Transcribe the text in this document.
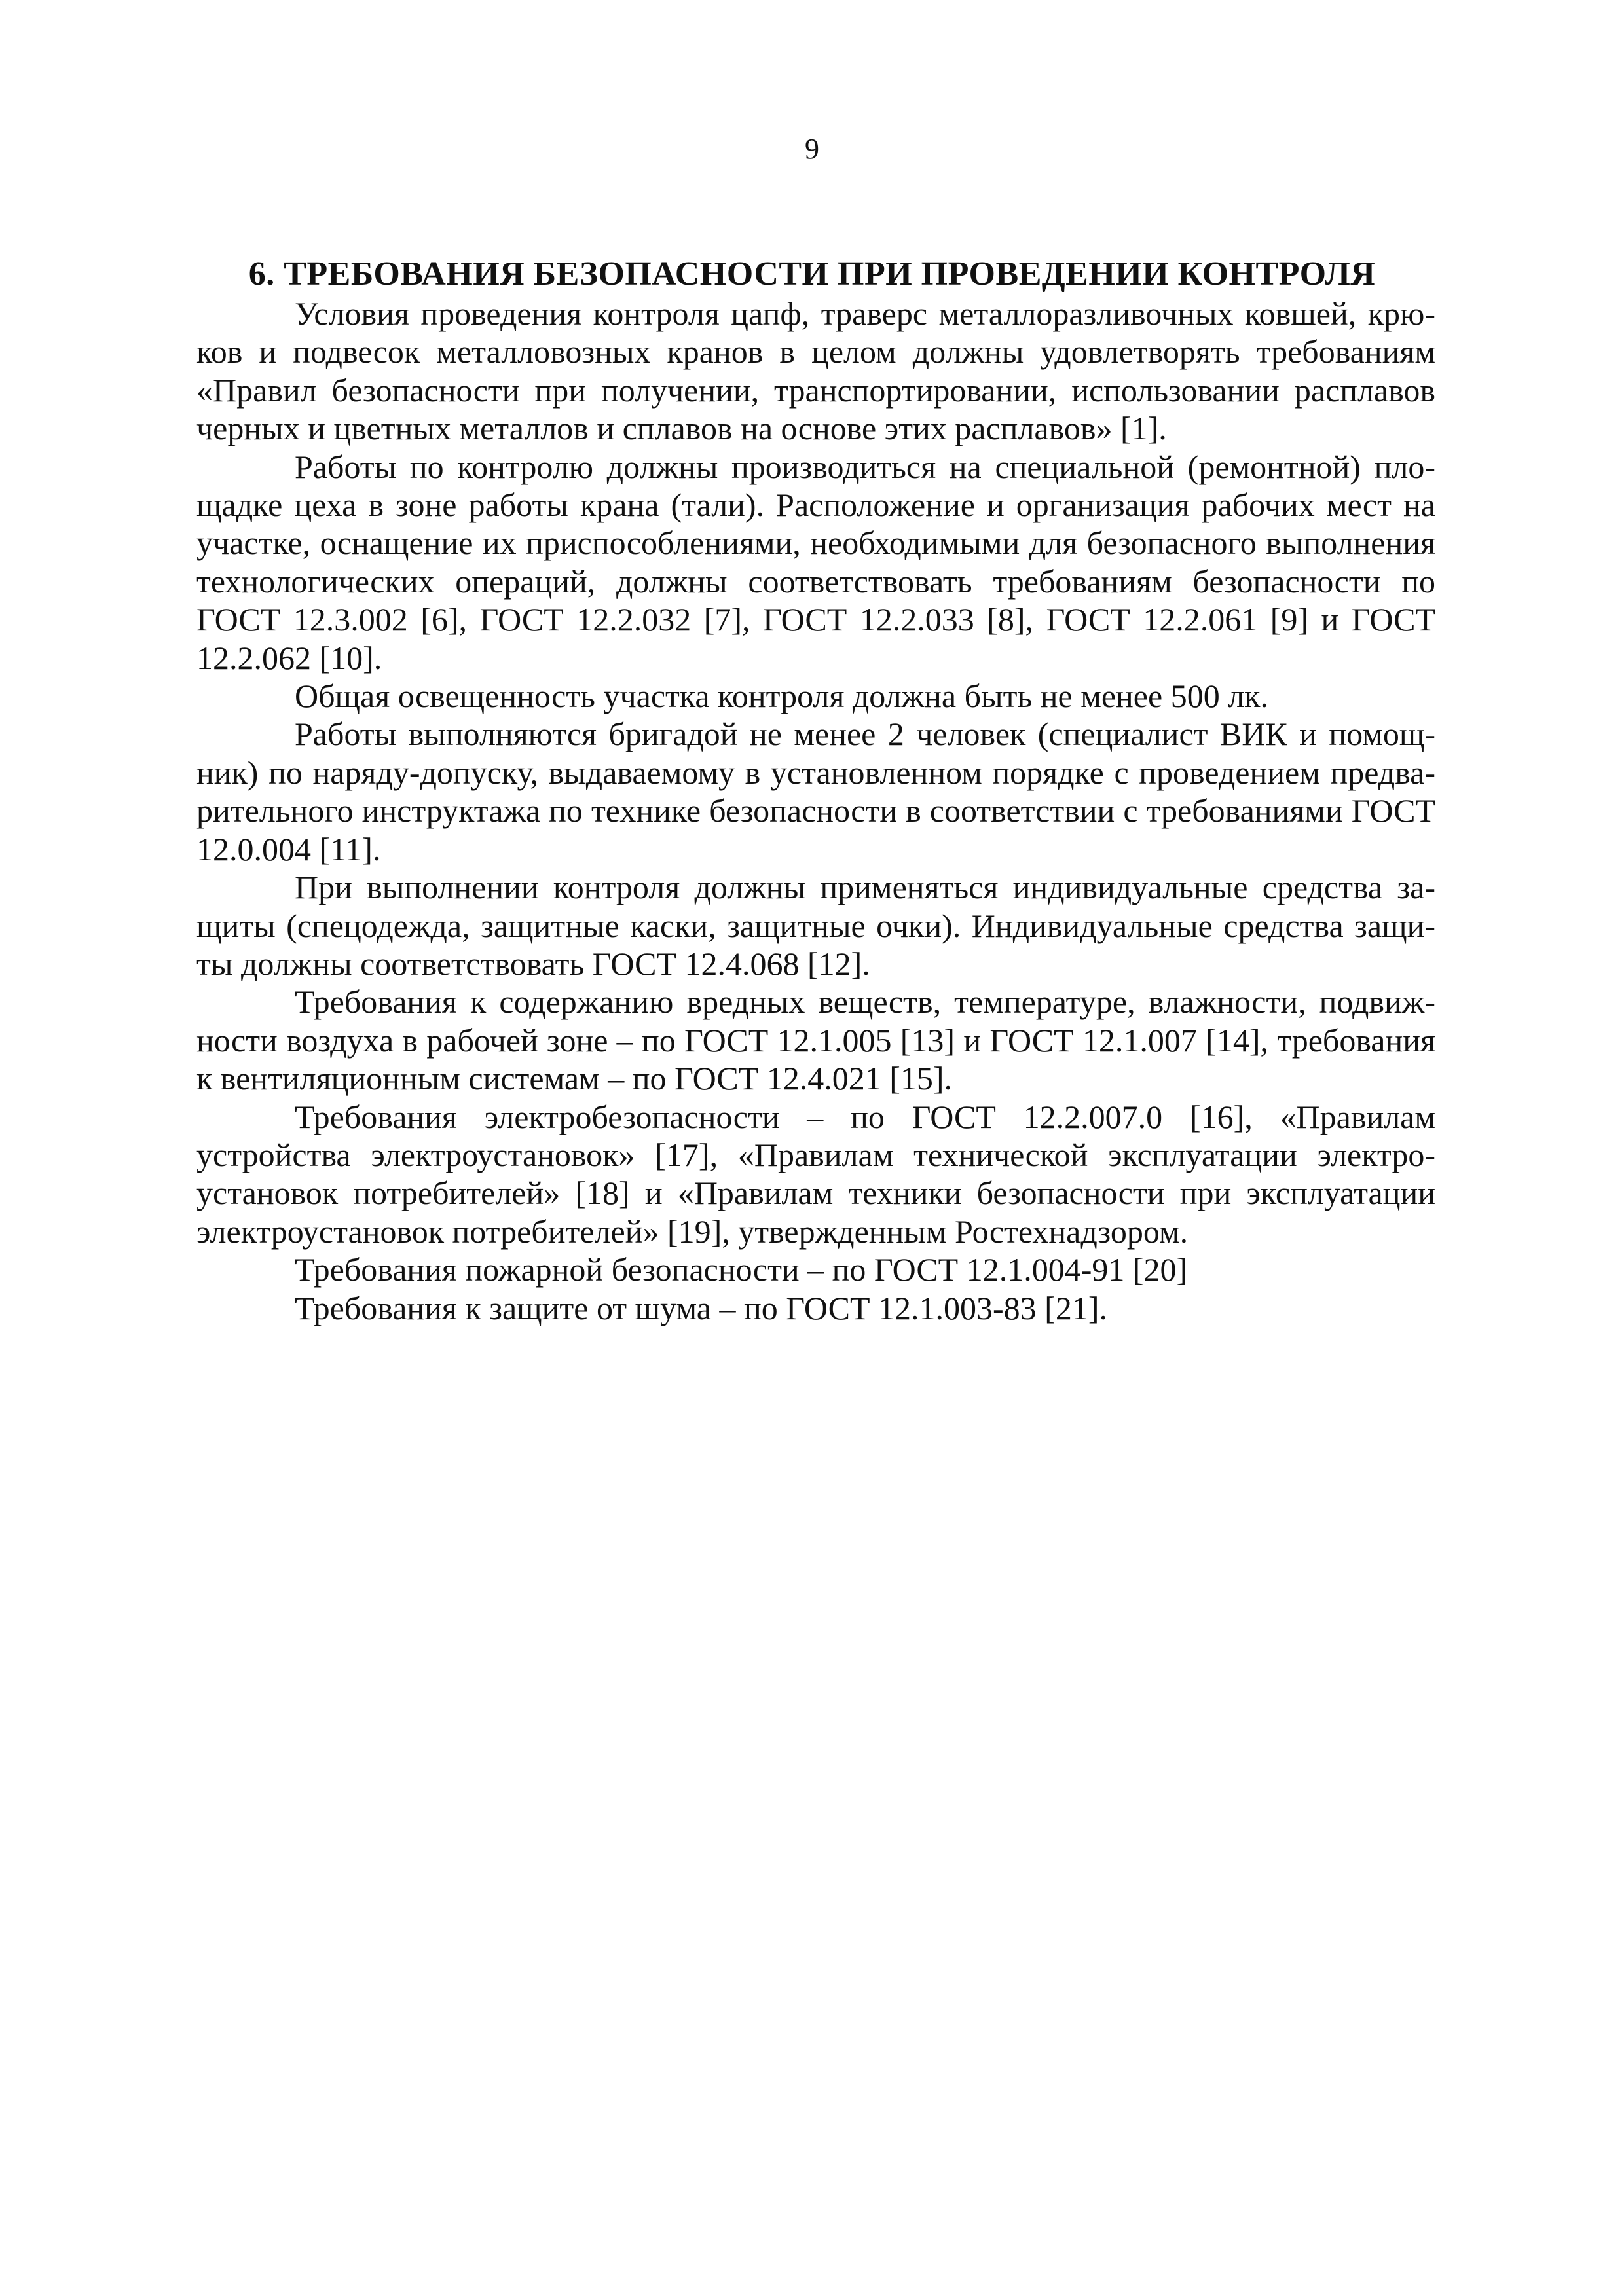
9
6. ТРЕБОВАНИЯ БЕЗОПАСНОСТИ ПРИ ПРОВЕДЕНИИ КОНТРОЛЯ

Условия проведения контроля цапф, траверс металлоразливочных ковшей, крюков и подвесок металловозных кранов в целом должны удовлетворять требованиям «Правил безопасности при получении, транспортировании, использовании расплавов черных и цветных металлов и сплавов на основе этих расплавов» [1].

Работы по контролю должны производиться на специальной (ремонтной) площадке цеха в зоне работы крана (тали). Расположение и организация рабочих мест на участке, оснащение их приспособлениями, необходимыми для безопасного выполнения технологических операций, должны соответствовать требованиям безопасности по ГОСТ 12.3.002 [6], ГОСТ 12.2.032 [7], ГОСТ 12.2.033 [8], ГОСТ 12.2.061 [9] и ГОСТ 12.2.062 [10].

Общая освещенность участка контроля должна быть не менее 500 лк.

Работы выполняются бригадой не менее 2 человек (специалист ВИК и помощник) по наряду-допуску, выдаваемому в установленном порядке с проведением предварительного инструктажа по технике безопасности в соответствии с требованиями ГОСТ 12.0.004 [11].

При выполнении контроля должны применяться индивидуальные средства защиты (спецодежда, защитные каски, защитные очки). Индивидуальные средства защиты должны соответствовать ГОСТ 12.4.068 [12].

Требования к содержанию вредных веществ, температуре, влажности, подвижности воздуха в рабочей зоне – по ГОСТ 12.1.005 [13] и ГОСТ 12.1.007 [14], требования к вентиляционным системам – по ГОСТ 12.4.021 [15].

Требования электробезопасности – по ГОСТ 12.2.007.0 [16], «Правилам устройства электроустановок» [17], «Правилам технической эксплуатации электроустановок потребителей» [18] и «Правилам техники безопасности при эксплуатации электроустановок потребителей» [19], утвержденным Ростехнадзором.

Требования пожарной безопасности – по ГОСТ 12.1.004-91 [20]

Требования к защите от шума – по ГОСТ 12.1.003-83 [21].
